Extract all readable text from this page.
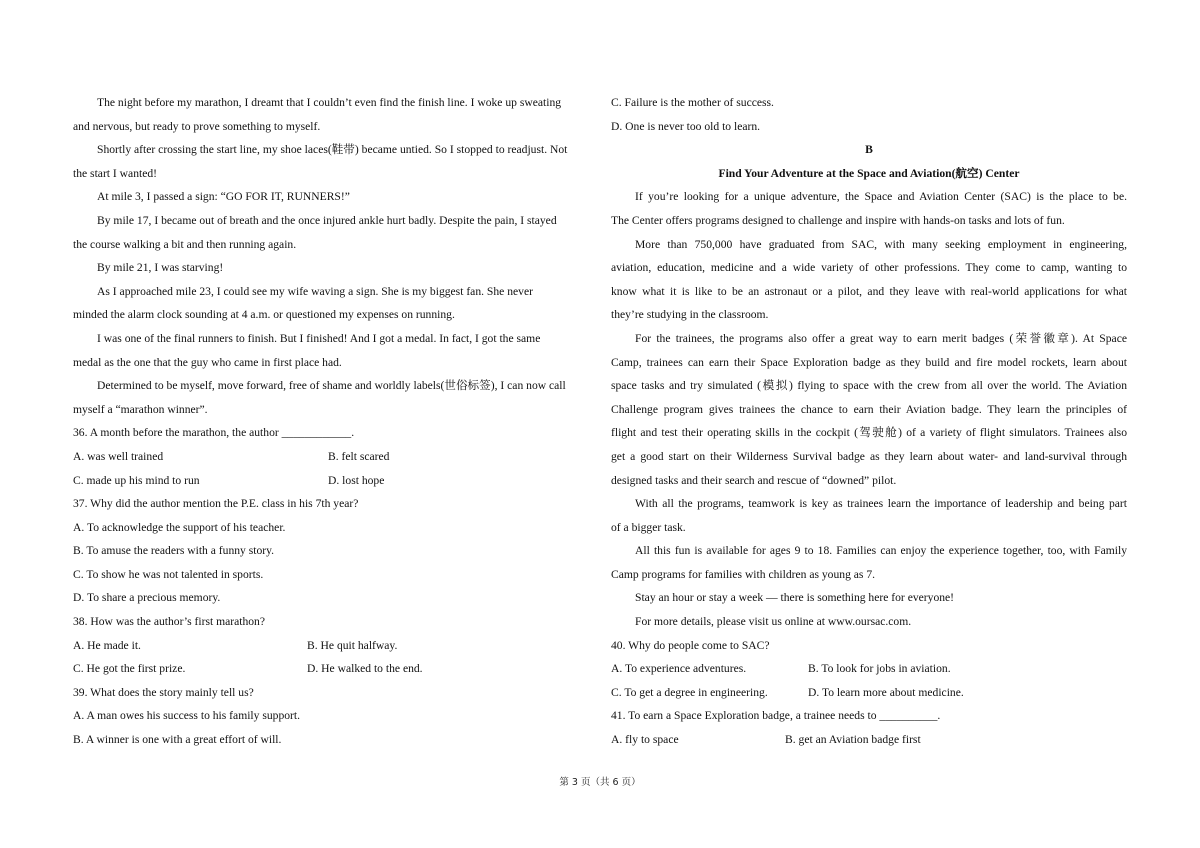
The night before my marathon, I dreamt that I couldn’t even find the finish line. I woke up sweating
and nervous, but ready to prove something to myself.
Shortly after crossing the start line, my shoe laces(鞋带) became untied. So I stopped to readjust. Not
the start I wanted!
At mile 3, I passed a sign: “GO FOR IT, RUNNERS!”
By mile 17, I became out of breath and the once injured ankle hurt badly. Despite the pain, I stayed
the course walking a bit and then running again.
By mile 21, I was starving!
As I approached mile 23, I could see my wife waving a sign. She is my biggest fan. She never
minded the alarm clock sounding at 4 a.m. or questioned my expenses on running.
I was one of the final runners to finish. But I finished! And I got a medal. In fact, I got the same
medal as the one that the guy who came in first place had.
Determined to be myself, move forward, free of shame and worldly labels(世俗标签), I can now call
myself a “marathon winner”.
36. A month before the marathon, the author ____________.
A. was well trained	B. felt scared
C. made up his mind to run	D. lost hope
37. Why did the author mention the P.E. class in his 7th year?
A. To acknowledge the support of his teacher.
B. To amuse the readers with a funny story.
C. To show he was not talented in sports.
D. To share a precious memory.
38. How was the author’s first marathon?
A. He made it.	B. He quit halfway.
C. He got the first prize.	D. He walked to the end.
39. What does the story mainly tell us?
A. A man owes his success to his family support.
B. A winner is one with a great effort of will.
C. Failure is the mother of success.
D. One is never too old to learn.
B
Find Your Adventure at the Space and Aviation(航空) Center
If you’re looking for a unique adventure, the Space and Aviation Center (SAC) is the place to be.
The Center offers programs designed to challenge and inspire with hands-on tasks and lots of fun.
More than 750,000 have graduated from SAC, with many seeking employment in engineering,
aviation, education, medicine and a wide variety of other professions. They come to camp, wanting to
know what it is like to be an astronaut or a pilot, and they leave with real-world applications for what
they’re studying in the classroom.
For the trainees, the programs also offer a great way to earn merit badges (荣誉徽章). At Space
Camp, trainees can earn their Space Exploration badge as they build and fire model rockets, learn about
space tasks and try simulated (模拟) flying to space with the crew from all over the world. The Aviation
Challenge program gives trainees the chance to earn their Aviation badge. They learn the principles of
flight and test their operating skills in the cockpit (驾驶舱) of a variety of flight simulators. Trainees also
get a good start on their Wilderness Survival badge as they learn about water- and land-survival through
designed tasks and their search and rescue of “downed” pilot.
With all the programs, teamwork is key as trainees learn the importance of leadership and being part
of a bigger task.
All this fun is available for ages 9 to 18. Families can enjoy the experience together, too, with Family
Camp programs for families with children as young as 7.
Stay an hour or stay a week — there is something here for everyone!
For more details, please visit us online at www.oursac.com.
40. Why do people come to SAC?
A. To experience adventures.	B. To look for jobs in aviation.
C. To get a degree in engineering.	D. To learn more about medicine.
41. To earn a Space Exploration badge, a trainee needs to __________.
A. fly to space	B. get an Aviation badge first
第 3 页（共 6 页）
